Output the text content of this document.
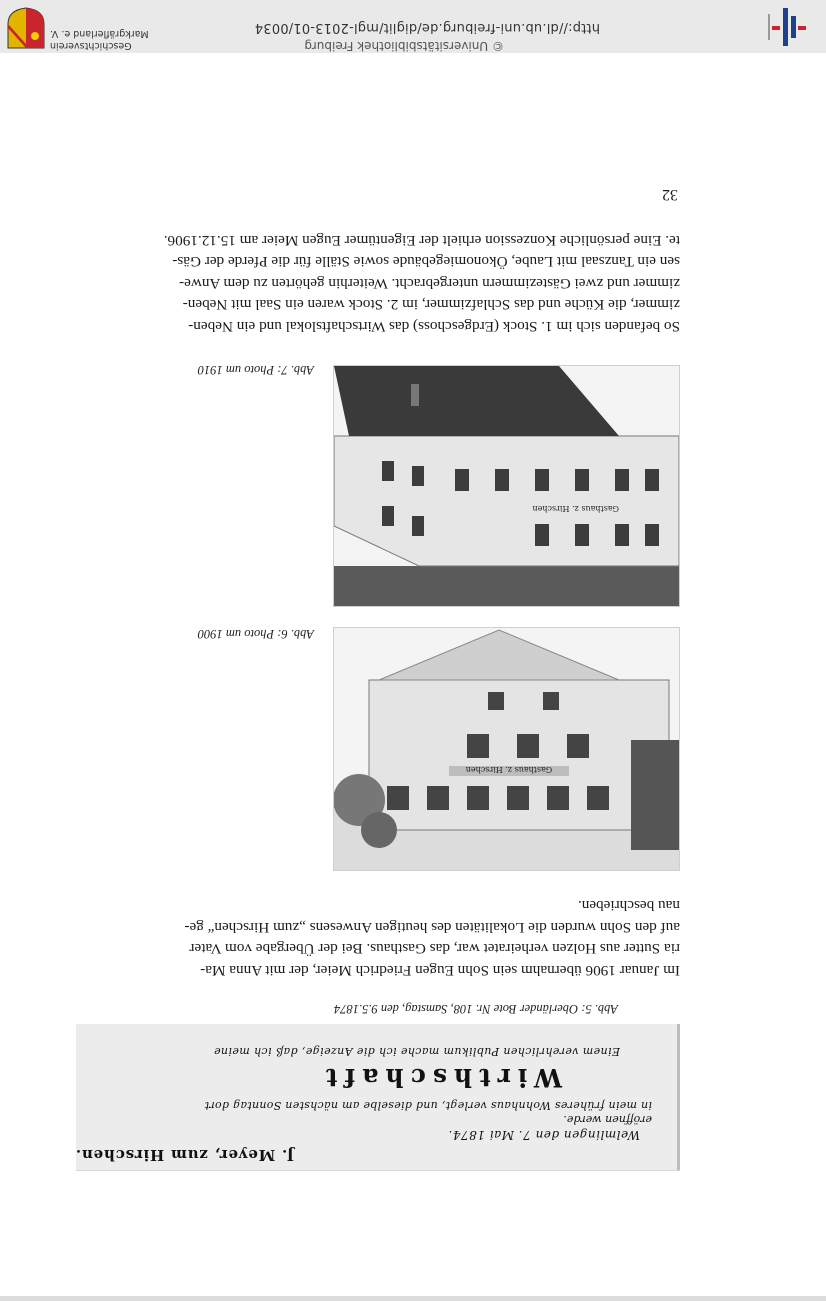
Einem verehrlichen Publikum mache ich die Anzeige, daß ich meine
Wirthschaft
in mein früheres Wohnhaus verlegt, und dieselbe am nächsten Sonntag dort
eröffnen werde.
Welmlingen den 7. Mai 1874.
J. Meyer, zum Hirschen.
Abb. 5: Oberländer Bote Nr. 108, Samstag, den 9.5.1874
Im Januar 1906 übernahm sein Sohn Eugen Friedrich Meier, der mit Anna Ma-
ria Sutter aus Holzen verheiratet war, das Gasthaus. Bei der Übergabe vom Vater
auf den Sohn wurden die Lokalitäten des heutigen Anwesens „zum Hirschen“ ge-
nau beschrieben.
Gasthaus z. Hirschen
Abb. 6: Photo um 1900
Gasthaus z. Hirschen
Abb. 7: Photo um 1910
So befanden sich im 1. Stock (Erdgeschoss) das Wirtschaftslokal und ein Neben-
zimmer, die Küche und das Schlafzimmer, im 2. Stock waren ein Saal mit Neben-
zimmer und zwei Gästezimmern untergebracht. Weiterhin gehörten zu dem Anwe-
sen ein Tanzsaal mit Laube, Ökonomiegebäude sowie Ställe für die Pferde der Gäs-
te. Eine persönliche Konzession erhielt der Eigentümer Eugen Meier am 15.12.1906.
32
http://dl.ub.uni-freiburg.de/diglit/mgl-2013-01/0034
© Universitätsbibliothek Freiburg
Geschichtsverein
Markgräflerland e. V.
